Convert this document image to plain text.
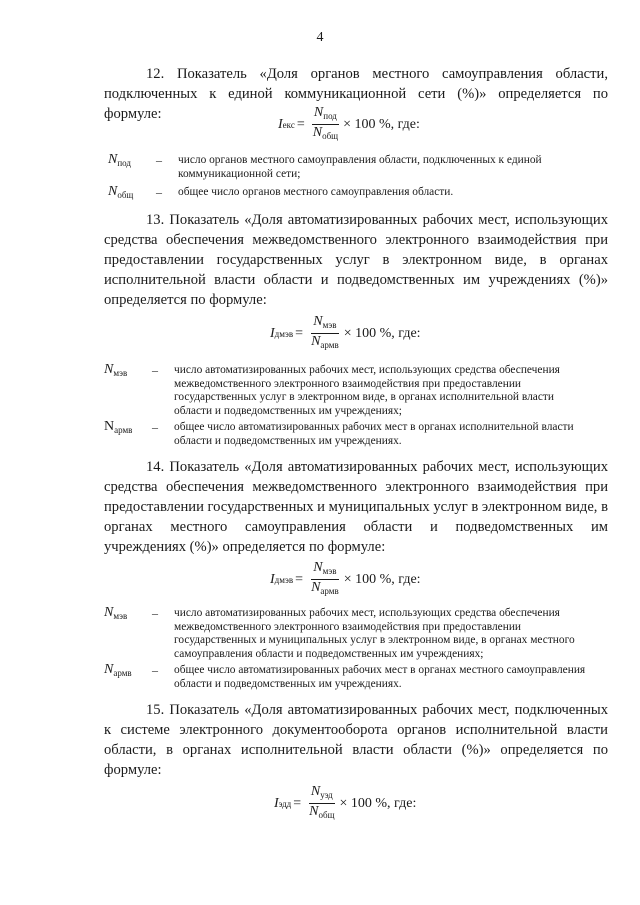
4

12. Показатель «Доля органов местного самоуправления области, подключенных к единой коммуникационной сети (%)» определяется по формуле:

I екс = $\frac{N_{под}}{N_{общ}} \times 100$ %, где:
$N_{под}$ – число органов местного самоуправления области, подключенных к единой коммуникационной сети;

$N_{общ}$ – общее число органов местного самоуправления области.

13. Показатель «Доля автоматизированных рабочих мест, использующих средства обеспечения межведомственного электронного взаимодействия при предоставлении государственных услуг в электронном виде, в органах исполнительной власти области и подведомственных им учреждениях (%)» определяется по формуле:

I дмэв = $\frac{N_{мэв}}{N_{армв}} \times 100$ %, где:
$N_{мэв}$ – число автоматизированных рабочих мест, использующих средства обеспечения межведомственного электронного взаимодействия при предоставлении государственных услуг в электронном виде, в органах исполнительной власти области и подведомственных им учреждениях;

$N_{армв}$ – общее число автоматизированных рабочих мест в органах исполнительной власти области и подведомственных им учреждениях.

14. Показатель «Доля автоматизированных рабочих мест, использующих средства обеспечения межведомственного электронного взаимодействия при предоставлении государственных и муниципальных услуг в электронном виде, в органах местного самоуправления области и подведомственных им учреждениях (%)» определяется по формуле:

I дмэв = $\frac{N_{мэв}}{N_{армв}} \times 100$ %, где:
$N_{мэв}$ – число автоматизированных рабочих мест, использующих средства обеспечения межведомственного электронного взаимодействия при предоставлении государственных и муниципальных услуг в электронном виде, в органах местного самоуправления области и подведомственных им учреждениях;

$N_{армв}$ – общее число автоматизированных рабочих мест в органах местного самоуправления области и подведомственных им учреждениях.

15. Показатель «Доля автоматизированных рабочих мест, подключенных к системе электронного документооборота органов исполнительной власти области, в органах исполнительной власти области (%)» определяется по формуле:

I эдд = $\frac{N_{уэд}}{N_{общ}} \times 100$ %, где:
